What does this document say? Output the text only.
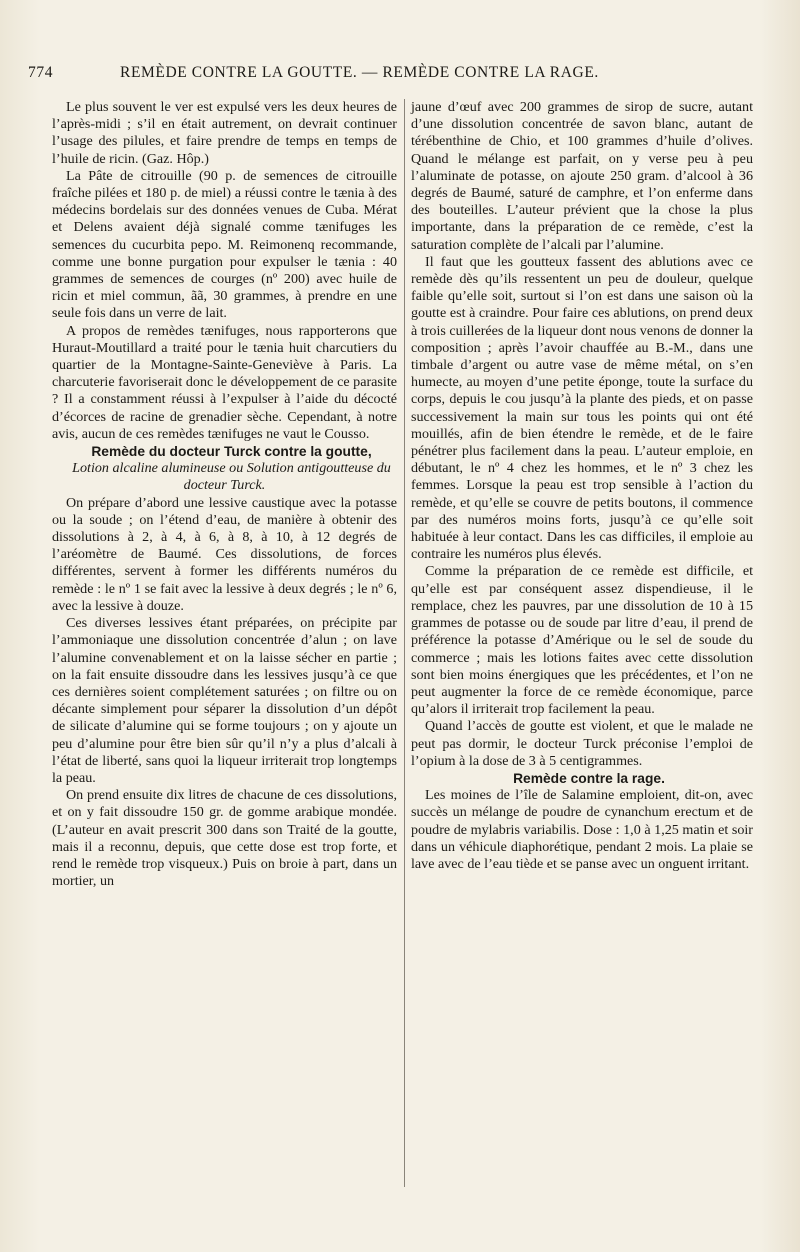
774	REMÈDE CONTRE LA GOUTTE. — REMÈDE CONTRE LA RAGE.

Le plus souvent le ver est expulsé vers les deux heures de l’après-midi ; s’il en était autrement, on devrait continuer l’usage des pilules, et faire prendre de temps en temps de l’huile de ricin. (Gaz. Hôp.)

La Pâte de citrouille (90 p. de semences de citrouille fraîche pilées et 180 p. de miel) a réussi contre le tænia à des médecins bordelais sur des données venues de Cuba. Mérat et Delens avaient déjà signalé comme tænifuges les semences du cucurbita pepo. M. Reimonenq recommande, comme une bonne purgation pour expulser le tænia : 40 grammes de semences de courges (nº 200) avec huile de ricin et miel commun, ãã, 30 grammes, à prendre en une seule fois dans un verre de lait.

A propos de remèdes tænifuges, nous rapporterons que Huraut-Moutillard a traité pour le tænia huit charcutiers du quartier de la Montagne-Sainte-Geneviève à Paris. La charcuterie favoriserait donc le développement de ce parasite ? Il a constamment réussi à l’expulser à l’aide du décocté d’écorces de racine de grenadier sèche. Cependant, à notre avis, aucun de ces remèdes tænifuges ne vaut le Cousso.

Remède du docteur Turck contre la goutte,

Lotion alcaline alumineuse ou Solution antigoutteuse du docteur Turck.

On prépare d’abord une lessive caustique avec la potasse ou la soude ; on l’étend d’eau, de manière à obtenir des dissolutions à 2, à 4, à 6, à 8, à 10, à 12 degrés de l’aréomètre de Baumé. Ces dissolutions, de forces différentes, servent à former les différents numéros du remède : le nº 1 se fait avec la lessive à deux degrés ; le nº 6, avec la lessive à douze.

Ces diverses lessives étant préparées, on précipite par l’ammoniaque une dissolution concentrée d’alun ; on lave l’alumine convenablement et on la laisse sécher en partie ; on la fait ensuite dissoudre dans les lessives jusqu’à ce que ces dernières soient complétement saturées ; on filtre ou on décante simplement pour séparer la dissolution d’un dépôt de silicate d’alumine qui se forme toujours ; on y ajoute un peu d’alumine pour être bien sûr qu’il n’y a plus d’alcali à l’état de liberté, sans quoi la liqueur irriterait trop longtemps la peau.

On prend ensuite dix litres de chacune de ces dissolutions, et on y fait dissoudre 150 gr. de gomme arabique mondée. (L’auteur en avait prescrit 300 dans son Traité de la goutte, mais il a reconnu, depuis, que cette dose est trop forte, et rend le remède trop visqueux.) Puis on broie à part, dans un mortier, un

jaune d’œuf avec 200 grammes de sirop de sucre, autant d’une dissolution concentrée de savon blanc, autant de térébenthine de Chio, et 100 grammes d’huile d’olives. Quand le mélange est parfait, on y verse peu à peu l’aluminate de potasse, on ajoute 250 gram. d’alcool à 36 degrés de Baumé, saturé de camphre, et l’on enferme dans des bouteilles. L’auteur prévient que la chose la plus importante, dans la préparation de ce remède, c’est la saturation complète de l’alcali par l’alumine.

Il faut que les goutteux fassent des ablutions avec ce remède dès qu’ils ressentent un peu de douleur, quelque faible qu’elle soit, surtout si l’on est dans une saison où la goutte est à craindre. Pour faire ces ablutions, on prend deux à trois cuillerées de la liqueur dont nous venons de donner la composition ; après l’avoir chauffée au B.-M., dans une timbale d’argent ou autre vase de même métal, on s’en humecte, au moyen d’une petite éponge, toute la surface du corps, depuis le cou jusqu’à la plante des pieds, et on passe successivement la main sur tous les points qui ont été mouillés, afin de bien étendre le remède, et de le faire pénétrer plus facilement dans la peau. L’auteur emploie, en débutant, le nº 4 chez les hommes, et le nº 3 chez les femmes. Lorsque la peau est trop sensible à l’action du remède, et qu’elle se couvre de petits boutons, il commence par des numéros moins forts, jusqu’à ce qu’elle soit habituée à leur contact. Dans les cas difficiles, il emploie au contraire les numéros plus élevés.

Comme la préparation de ce remède est difficile, et qu’elle est par conséquent assez dispendieuse, il le remplace, chez les pauvres, par une dissolution de 10 à 15 grammes de potasse ou de soude par litre d’eau, il prend de préférence la potasse d’Amérique ou le sel de soude du commerce ; mais les lotions faites avec cette dissolution sont bien moins énergiques que les précédentes, et l’on ne peut augmenter la force de ce remède économique, parce qu’alors il irriterait trop facilement la peau.

Quand l’accès de goutte est violent, et que le malade ne peut pas dormir, le docteur Turck préconise l’emploi de l’opium à la dose de 3 à 5 centigrammes.

Remède contre la rage.

Les moines de l’île de Salamine emploient, dit-on, avec succès un mélange de poudre de cynanchum erectum et de poudre de mylabris variabilis. Dose : 1,0 à 1,25 matin et soir dans un véhicule diaphorétique, pendant 2 mois. La plaie se lave avec de l’eau tiède et se panse avec un onguent irritant.
